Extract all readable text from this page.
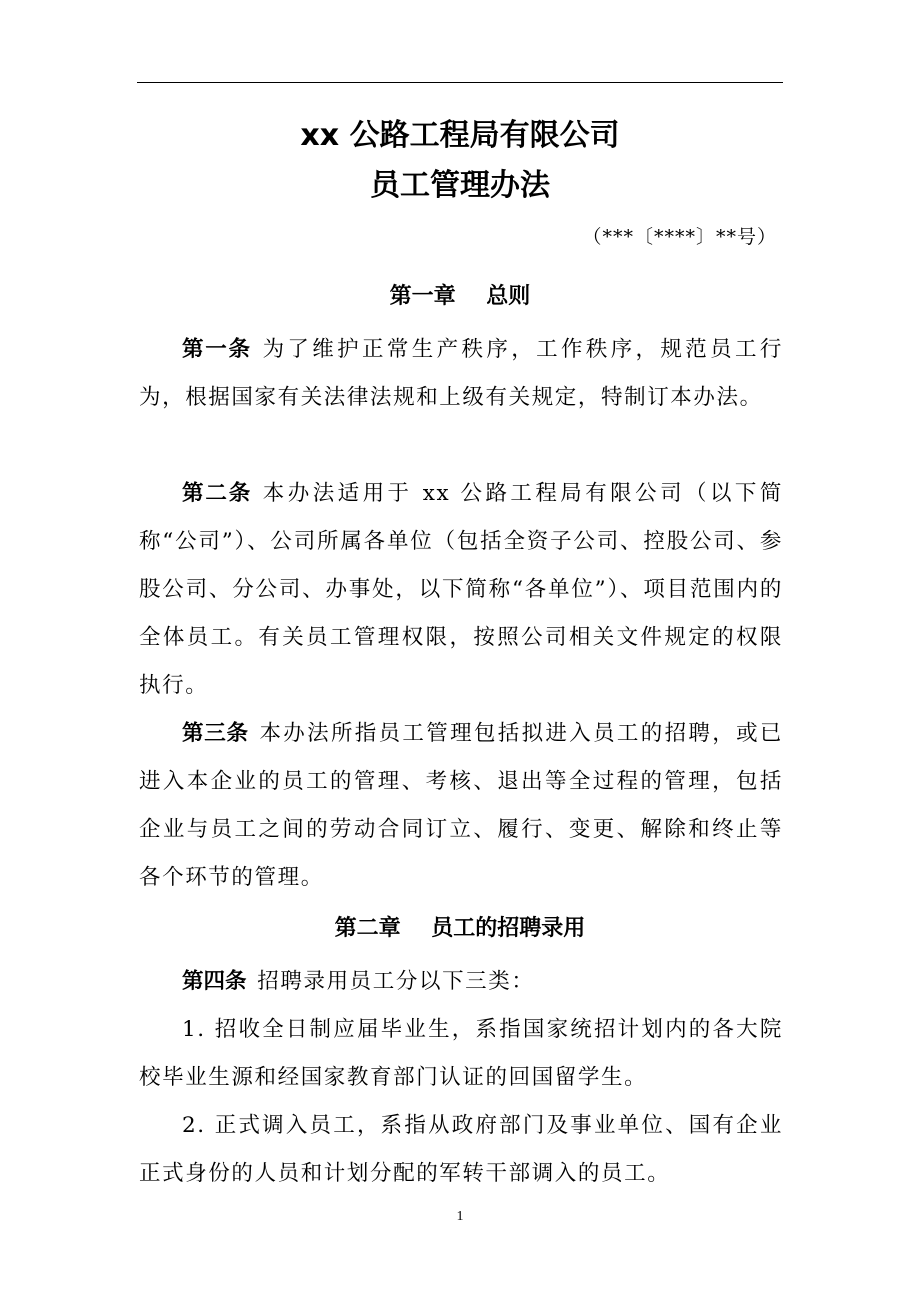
xx 公路工程局有限公司
员工管理办法
（***〔****〕**号）
第一章    总则

第一条 为了维护正常生产秩序，工作秩序，规范员工行为，根据国家有关法律法规和上级有关规定，特制订本办法。

第二条 本办法适用于 xx 公路工程局有限公司（以下简称“公司”）、公司所属各单位（包括全资子公司、控股公司、参股公司、分公司、办事处，以下简称“各单位”）、项目范围内的全体员工。有关员工管理权限，按照公司相关文件规定的权限执行。

第三条 本办法所指员工管理包括拟进入员工的招聘，或已进入本企业的员工的管理、考核、退出等全过程的管理，包括企业与员工之间的劳动合同订立、履行、变更、解除和终止等各个环节的管理。

第二章    员工的招聘录用

第四条 招聘录用员工分以下三类：

1. 招收全日制应届毕业生，系指国家统招计划内的各大院校毕业生源和经国家教育部门认证的回国留学生。

2. 正式调入员工，系指从政府部门及事业单位、国有企业正式身份的人员和计划分配的军转干部调入的员工。

1
